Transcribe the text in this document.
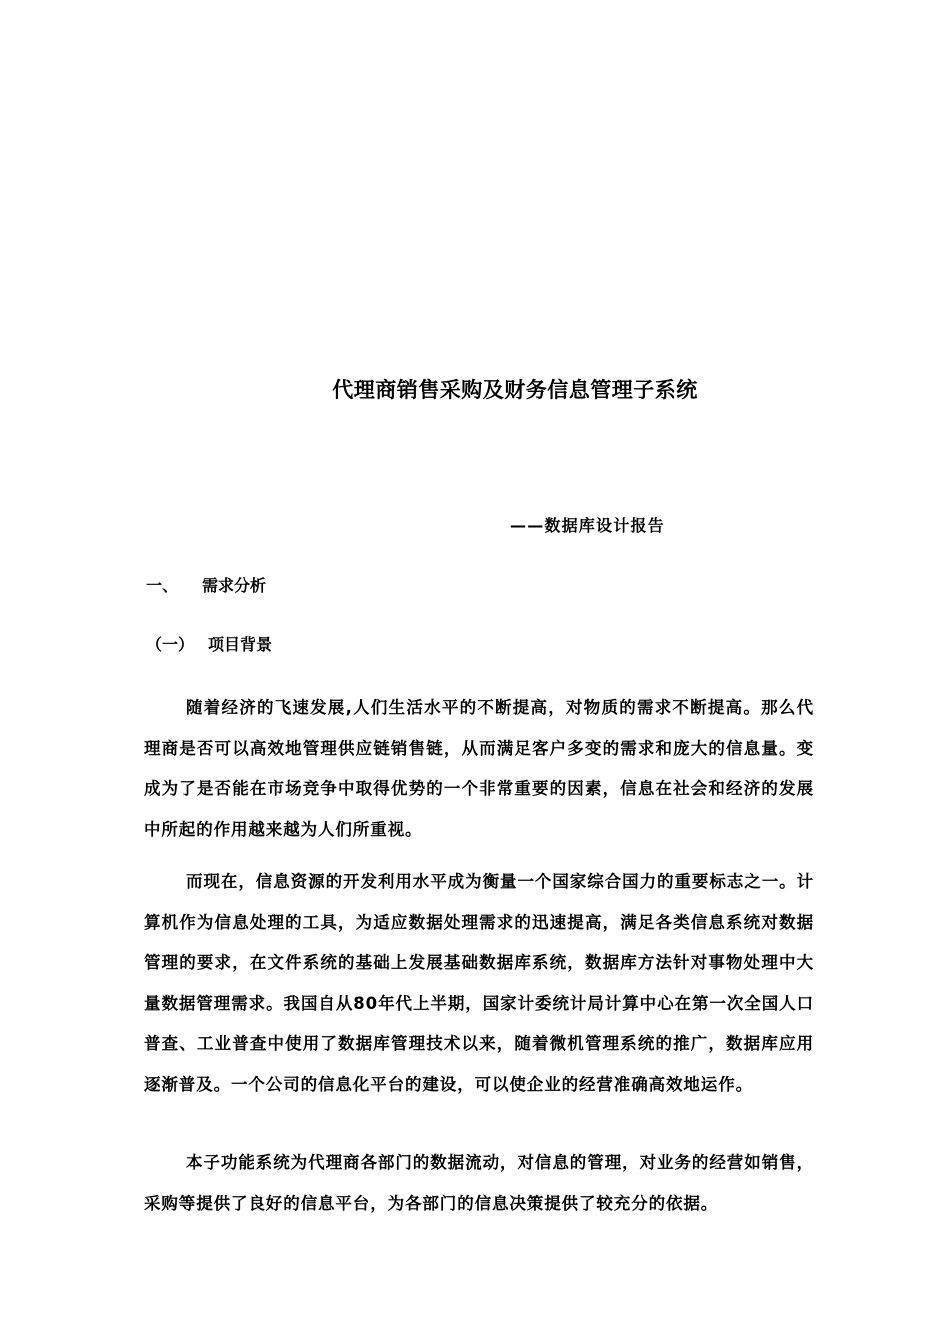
代理商销售采购及财务信息管理子系统
——数据库设计报告
一、 需求分析
（一） 项目背景

随着经济的飞速发展,人们生活水平的不断提高，对物质的需求不断提高。那么代理商是否可以高效地管理供应链销售链，从而满足客户多变的需求和庞大的信息量。变成为了是否能在市场竞争中取得优势的一个非常重要的因素，信息在社会和经济的发展中所起的作用越来越为人们所重视。

而现在，信息资源的开发利用水平成为衡量一个国家综合国力的重要标志之一。计算机作为信息处理的工具，为适应数据处理需求的迅速提高，满足各类信息系统对数据管理的要求，在文件系统的基础上发展基础数据库系统，数据库方法针对事物处理中大量数据管理需求。我国自从80年代上半期，国家计委统计局计算中心在第一次全国人口普查、工业普查中使用了数据库管理技术以来，随着微机管理系统的推广，数据库应用逐渐普及。一个公司的信息化平台的建设，可以使企业的经营准确高效地运作。

本子功能系统为代理商各部门的数据流动，对信息的管理，对业务的经营如销售，采购等提供了良好的信息平台，为各部门的信息决策提供了较充分的依据。
